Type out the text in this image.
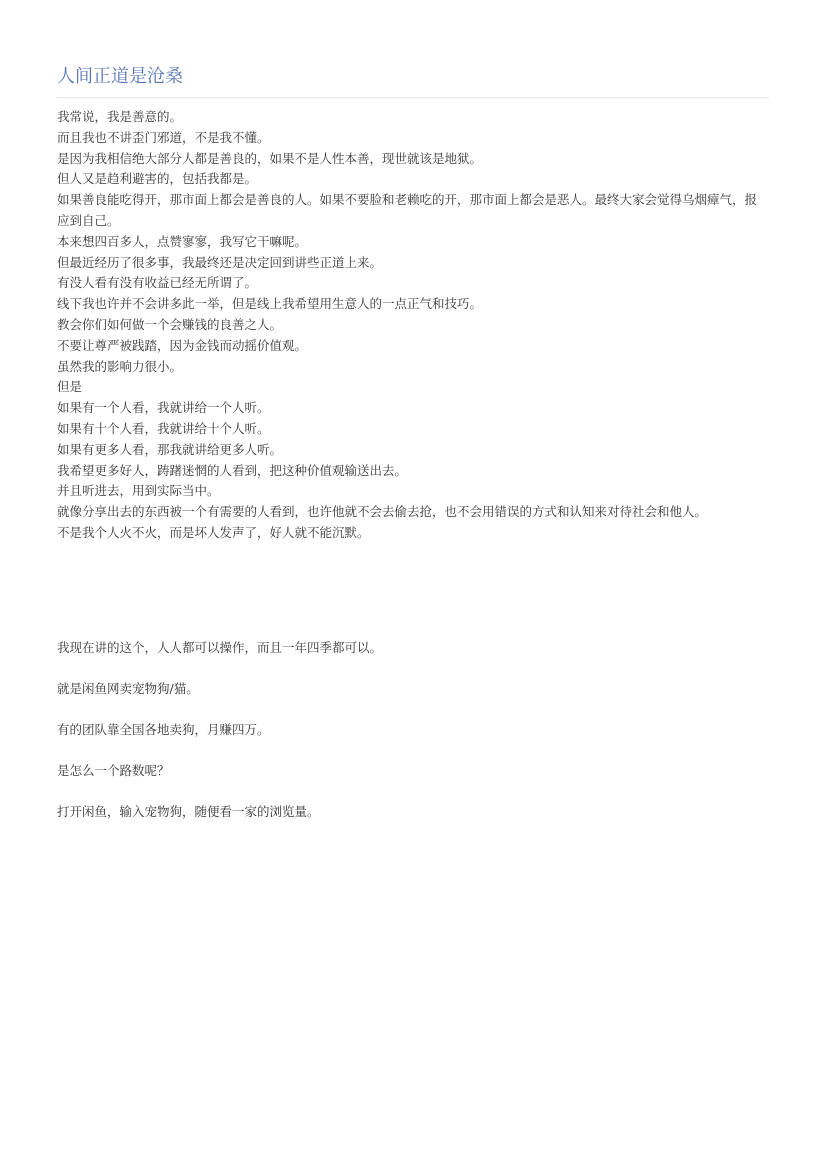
人间正道是沧桑
我常说，我是善意的。
而且我也不讲歪门邪道，不是我不懂。
是因为我相信绝大部分人都是善良的，如果不是人性本善，现世就该是地狱。
但人又是趋利避害的，包括我都是。
如果善良能吃得开，那市面上都会是善良的人。如果不要脸和老赖吃的开，那市面上都会是恶人。最终大家会觉得乌烟瘴气，报应到自己。
本来想四百多人，点赞寥寥，我写它干嘛呢。
但最近经历了很多事，我最终还是决定回到讲些正道上来。
有没人看有没有收益已经无所谓了。
线下我也许并不会讲多此一举，但是线上我希望用生意人的一点正气和技巧。
教会你们如何做一个会赚钱的良善之人。
不要让尊严被践踏，因为金钱而动摇价值观。
虽然我的影响力很小。
但是
如果有一个人看，我就讲给一个人听。
如果有十个人看，我就讲给十个人听。
如果有更多人看，那我就讲给更多人听。
我希望更多好人，踌躇迷惘的人看到，把这种价值观输送出去。
并且听进去，用到实际当中。
就像分享出去的东西被一个有需要的人看到，也许他就不会去偷去抢，也不会用错误的方式和认知来对待社会和他人。
不是我个人火不火，而是坏人发声了，好人就不能沉默。
我现在讲的这个，人人都可以操作，而且一年四季都可以。
就是闲鱼网卖宠物狗/猫。
有的团队靠全国各地卖狗，月赚四万。
是怎么一个路数呢？
打开闲鱼，输入宠物狗，随便看一家的浏览量。
